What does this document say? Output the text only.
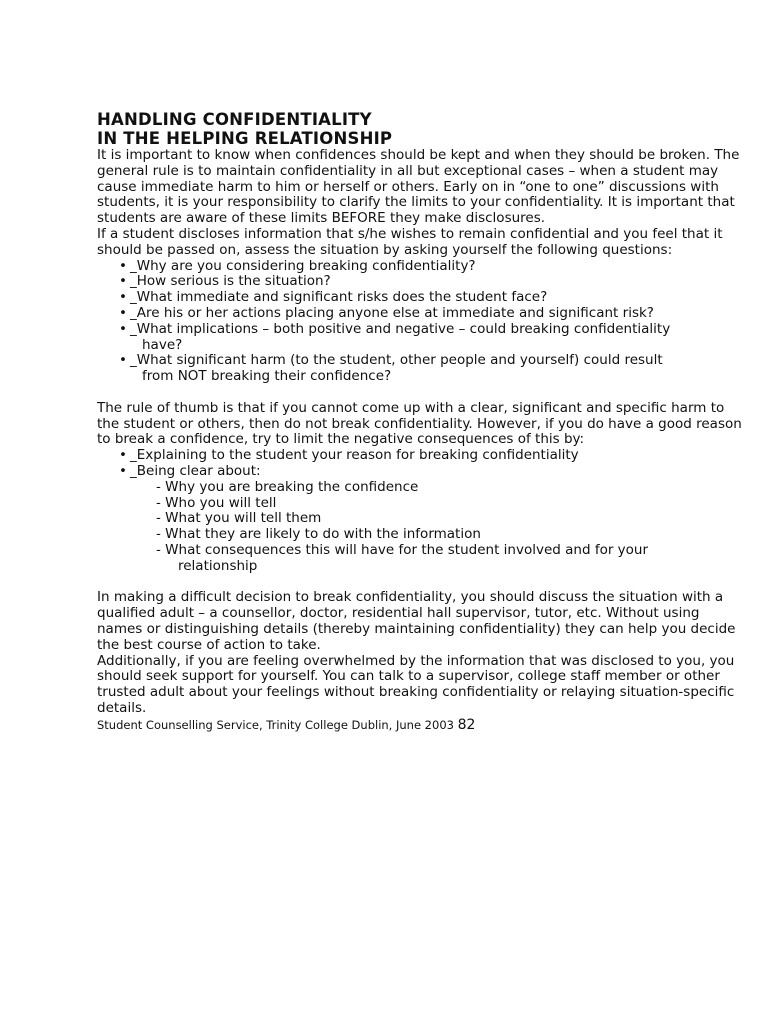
HANDLING CONFIDENTIALITY
IN THE HELPING RELATIONSHIP

It is important to know when confidences should be kept and when they should be broken. The general rule is to maintain confidentiality in all but exceptional cases – when a student may cause immediate harm to him or herself or others. Early on in “one to one” discussions with students, it is your responsibility to clarify the limits to your confidentiality. It is important that students are aware of these limits BEFORE they make disclosures.

If a student discloses information that s/he wishes to remain confidential and you feel that it should be passed on, assess the situation by asking yourself the following questions:

• _Why are you considering breaking confidentiality?
• _How serious is the situation?
• _What immediate and significant risks does the student face?
• _Are his or her actions placing anyone else at immediate and significant risk?
• _What implications – both positive and negative – could breaking confidentiality
have?
• _What significant harm (to the student, other people and yourself) could result
from NOT breaking their confidence?

The rule of thumb is that if you cannot come up with a clear, significant and specific harm to the student or others, then do not break confidentiality. However, if you do have a good reason to break a confidence, try to limit the negative consequences of this by:

• _Explaining to the student your reason for breaking confidentiality
• _Being clear about:
- Why you are breaking the confidence
- Who you will tell
- What you will tell them
- What they are likely to do with the information
- What consequences this will have for the student involved and for your
relationship

In making a difficult decision to break confidentiality, you should discuss the situation with a qualified adult – a counsellor, doctor, residential hall supervisor, tutor, etc. Without using names or distinguishing details (thereby maintaining confidentiality) they can help you decide the best course of action to take.

Additionally, if you are feeling overwhelmed by the information that was disclosed to you, you should seek support for yourself. You can talk to a supervisor, college staff member or other trusted adult about your feelings without breaking confidentiality or relaying situation-specific details.

Student Counselling Service, Trinity College Dublin, June 2003 82
